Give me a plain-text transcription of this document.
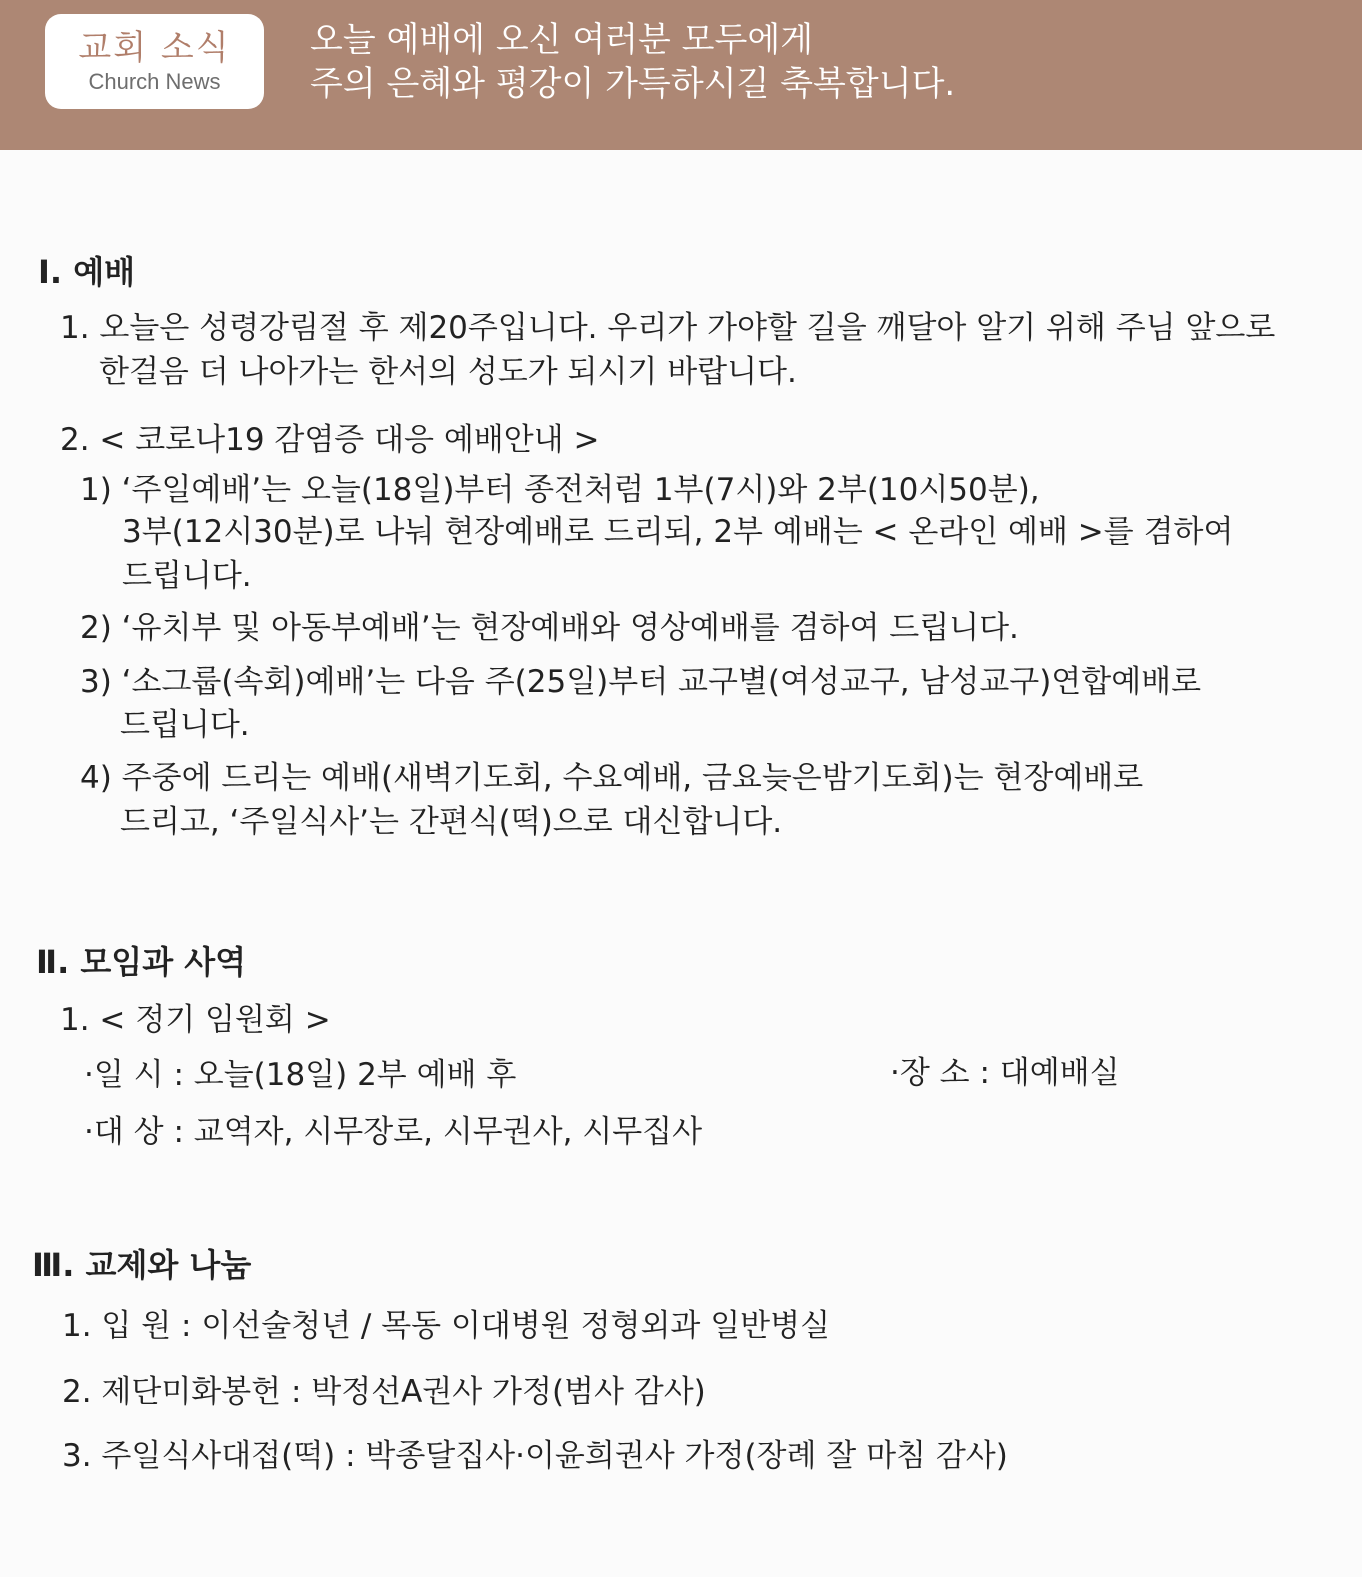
교회 소식
Church News
오늘 예배에 오신 여러분 모두에게
주의 은혜와 평강이 가득하시길 축복합니다.
Ⅰ. 예배
1. 오늘은 성령강림절 후 제20주입니다. 우리가 가야할 길을 깨달아 알기 위해 주님 앞으로
한걸음 더 나아가는 한서의 성도가 되시기 바랍니다.
2. < 코로나19 감염증 대응 예배안내 >
1) ‘주일예배’는 오늘(18일)부터 종전처럼 1부(7시)와 2부(10시50분),
3부(12시30분)로 나눠 현장예배로 드리되, 2부 예배는 < 온라인 예배 >를 겸하여
드립니다.
2) ‘유치부 및 아동부예배’는 현장예배와 영상예배를 겸하여 드립니다.
3) ‘소그룹(속회)예배’는 다음 주(25일)부터 교구별(여성교구, 남성교구)연합예배로
드립니다.
4) 주중에 드리는 예배(새벽기도회, 수요예배, 금요늦은밤기도회)는 현장예배로
드리고, ‘주일식사’는 간편식(떡)으로 대신합니다.
Ⅱ. 모임과 사역
1. < 정기 임원회 >
·일 시 : 오늘(18일) 2부 예배 후	·장 소 : 대예배실
·대 상 : 교역자, 시무장로, 시무권사, 시무집사
Ⅲ. 교제와 나눔
1. 입 원 : 이선술청년 / 목동 이대병원 정형외과 일반병실
2. 제단미화봉헌 : 박정선A권사 가정(범사 감사)
3. 주일식사대접(떡) : 박종달집사·이윤희권사 가정(장례 잘 마침 감사)
